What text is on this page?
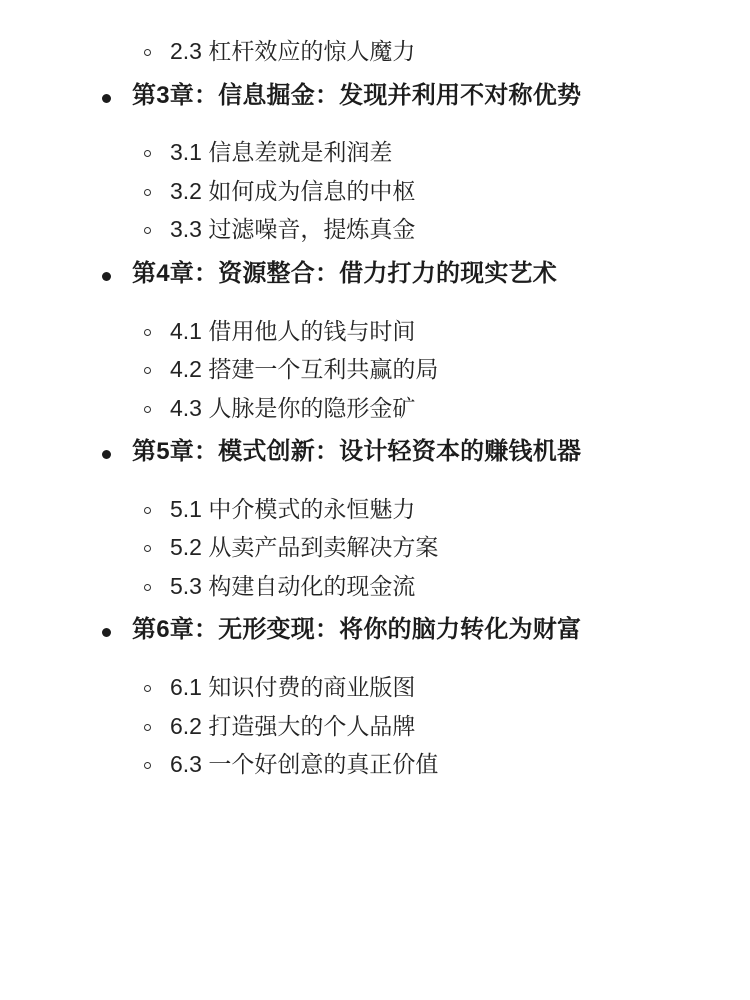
2.3 杠杆效应的惊人魔力
第3章：信息掘金：发现并利用不对称优势
3.1 信息差就是利润差
3.2 如何成为信息的中枢
3.3 过滤噪音，提炼真金
第4章：资源整合：借力打力的现实艺术
4.1 借用他人的钱与时间
4.2 搭建一个互利共赢的局
4.3 人脉是你的隐形金矿
第5章：模式创新：设计轻资本的赚钱机器
5.1 中介模式的永恒魅力
5.2 从卖产品到卖解决方案
5.3 构建自动化的现金流
第6章：无形变现：将你的脑力转化为财富
6.1 知识付费的商业版图
6.2 打造强大的个人品牌
6.3 一个好创意的真正价值
